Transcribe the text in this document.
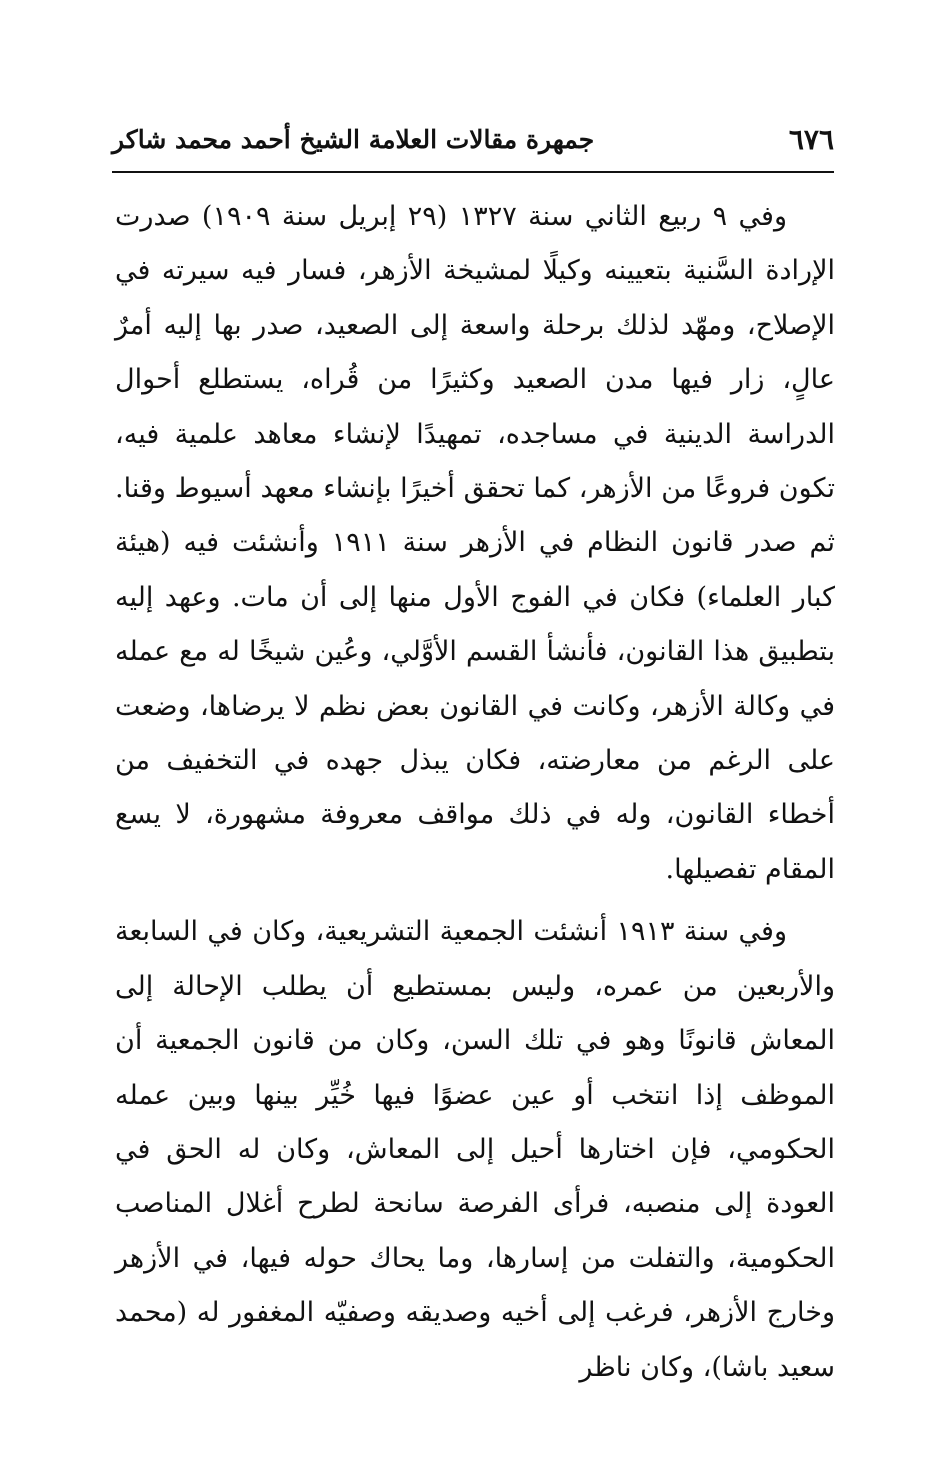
٦٧٦
جمهرة مقالات العلامة الشيخ أحمد محمد شاكر

وفي ٩ ربيع الثاني سنة ١٣٢٧ (٢٩ إبريل سنة ١٩٠٩) صدرت الإرادة السَّنية بتعيينه وكيلًا لمشيخة الأزهر، فسار فيه سيرته في الإصلاح، ومهّد لذلك برحلة واسعة إلى الصعيد، صدر بها إليه أمرٌ عالٍ، زار فيها مدن الصعيد وكثيرًا من قُراه، يستطلع أحوال الدراسة الدينية في مساجده، تمهيدًا لإنشاء معاهد علمية فيه، تكون فروعًا من الأزهر، كما تحقق أخيرًا بإنشاء معهد أسيوط وقنا. ثم صدر قانون النظام في الأزهر سنة ١٩١١ وأنشئت فيه (هيئة كبار العلماء) فكان في الفوج الأول منها إلى أن مات. وعهد إليه بتطبيق هذا القانون، فأنشأ القسم الأوَّلي، وعُين شيخًا له مع عمله في وكالة الأزهر، وكانت في القانون بعض نظم لا يرضاها، وضعت على الرغم من معارضته، فكان يبذل جهده في التخفيف من أخطاء القانون، وله في ذلك مواقف معروفة مشهورة، لا يسع المقام تفصيلها.

وفي سنة ١٩١٣ أنشئت الجمعية التشريعية، وكان في السابعة والأربعين من عمره، وليس بمستطيع أن يطلب الإحالة إلى المعاش قانونًا وهو في تلك السن، وكان من قانون الجمعية أن الموظف إذا انتخب أو عين عضوًا فيها خُيِّر بينها وبين عمله الحكومي، فإن اختارها أحيل إلى المعاش، وكان له الحق في العودة إلى منصبه، فرأى الفرصة سانحة لطرح أغلال المناصب الحكومية، والتفلت من إسارها، وما يحاك حوله فيها، في الأزهر وخارج الأزهر، فرغب إلى أخيه وصديقه وصفيّه المغفور له (محمد سعيد باشا)، وكان ناظر
